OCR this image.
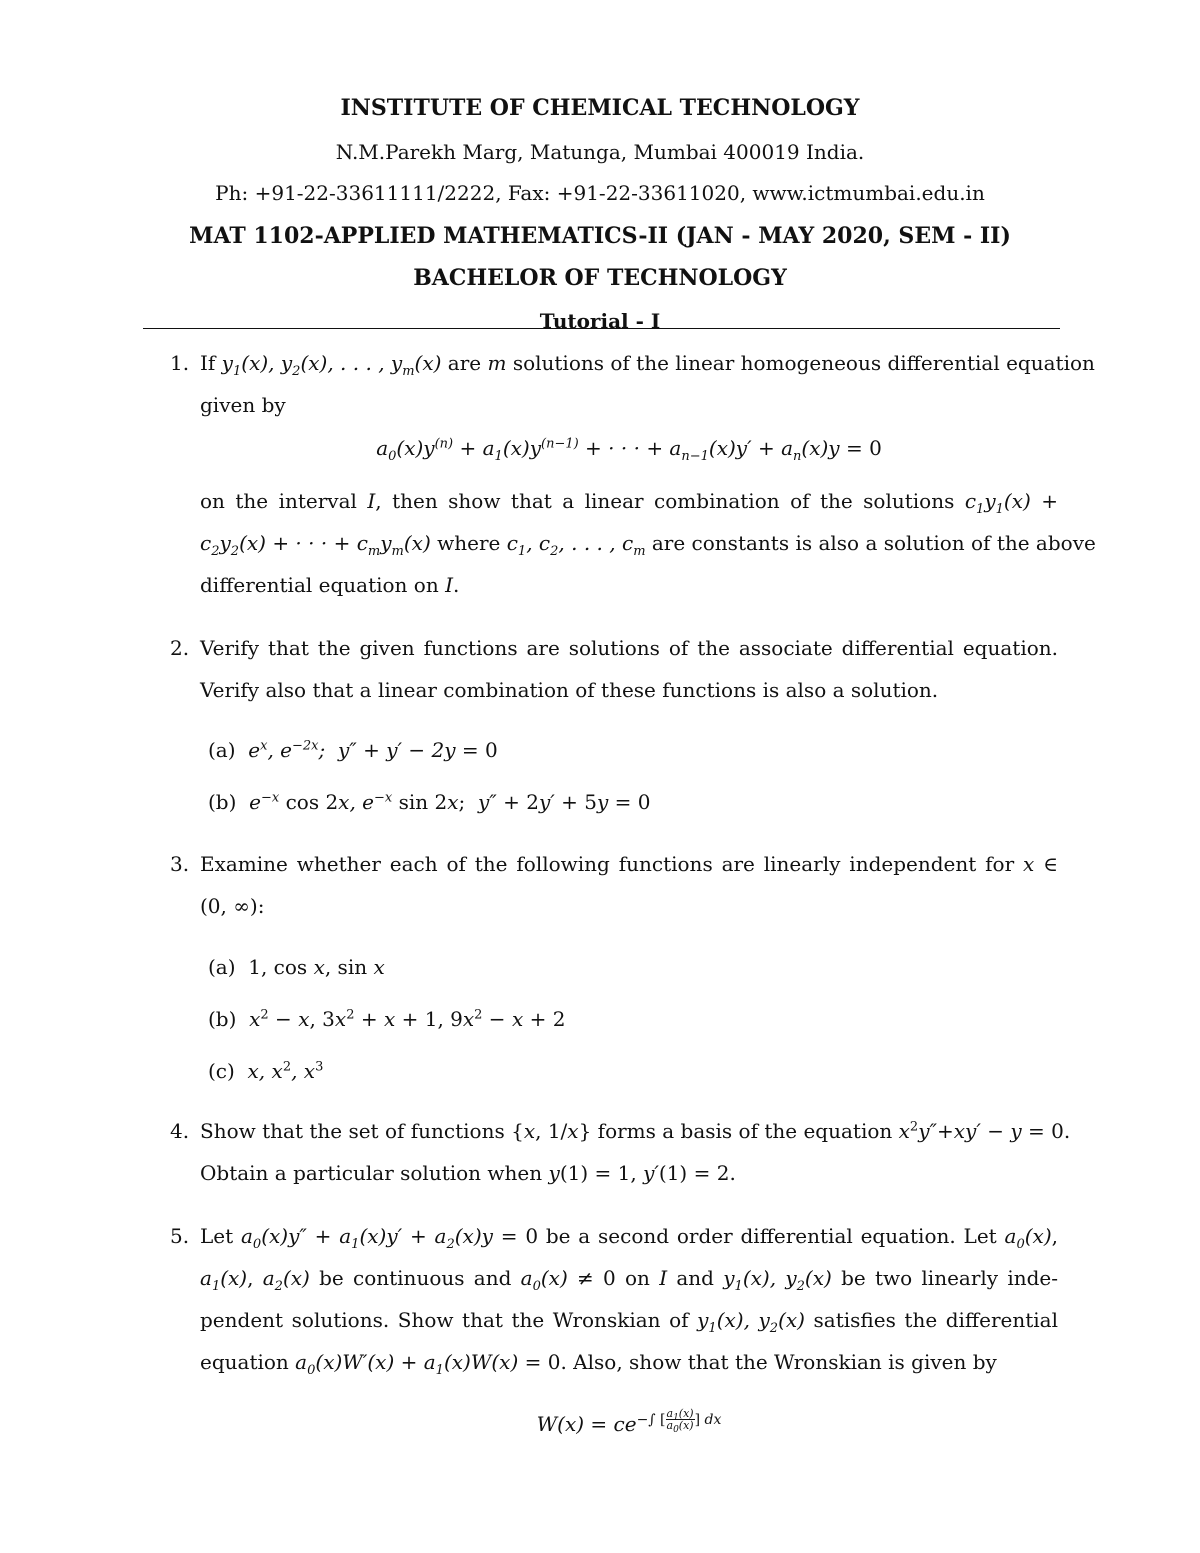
INSTITUTE OF CHEMICAL TECHNOLOGY
N.M.Parekh Marg, Matunga, Mumbai 400019 India.
Ph: +91-22-33611111/2222, Fax: +91-22-33611020, www.ictmumbai.edu.in
MAT 1102-APPLIED MATHEMATICS-II (JAN - MAY 2020, SEM - II)
BACHELOR OF TECHNOLOGY
Tutorial - I
1. If $y_1(x)$, $y_2(x)$, . . . , $y_m(x)$ are m solutions of the linear homogeneous differential equation
given by
$a_0(x)y^{(n)} + a_1(x)y^{(n-1)}$ + · · · + $a_{n-1}(x)y' + a_n(x)y = 0$
on the interval I, then show that a linear combination of the solutions $c_1y_1(x)$ +
$c_2y_2(x)$ + · · · + $c_my_m(x)$ where $c_1$, $c_2$, . . . , $c_m$ are constants is also a solution of the above
differential equation on I.
2. Verify that the given functions are solutions of the associate differential equation.
Verify also that a linear combination of these functions is also a solution.
(a) $e^x$, $e^{-2x}$;  y″ + y′ − 2y = 0
(b) $e^{-x}$ cos 2x, $e^{-x}$ sin 2x;  y″ + 2y′ + 5y = 0
3. Examine whether each of the following functions are linearly independent for x ∈
(0, ∞):
(a)  1, cos x, sin x
(b) $x^2 - x$, $3x^2 + x + 1$, $9x^2 - x + 2$
(c) x, $x^2$, $x^3$
4. Show that the set of functions {x, 1/x} forms a basis of the equation $x^2y''+xy' - y = 0$.
Obtain a particular solution when y(1) = 1, y′(1) = 2.
5. Let $a_0(x)y'' + a_1(x)y' + a_2(x)y = 0$ be a second order differential equation. Let $a_0(x)$,
$a_1(x)$, $a_2(x)$ be continuous and $a_0(x) \ne 0$ on I and $y_1(x)$, $y_2(x)$ be two linearly inde-
pendent solutions. Show that the Wronskian of $y_1(x)$, $y_2(x)$ satisfies the differential
equation $a_0(x)W'(x) + a_1(x)W(x) = 0$. Also, show that the Wronskian is given by
$W(x) = ce^{-\int [ \frac{a_1(x)}{a_0(x)} ] dx}$
